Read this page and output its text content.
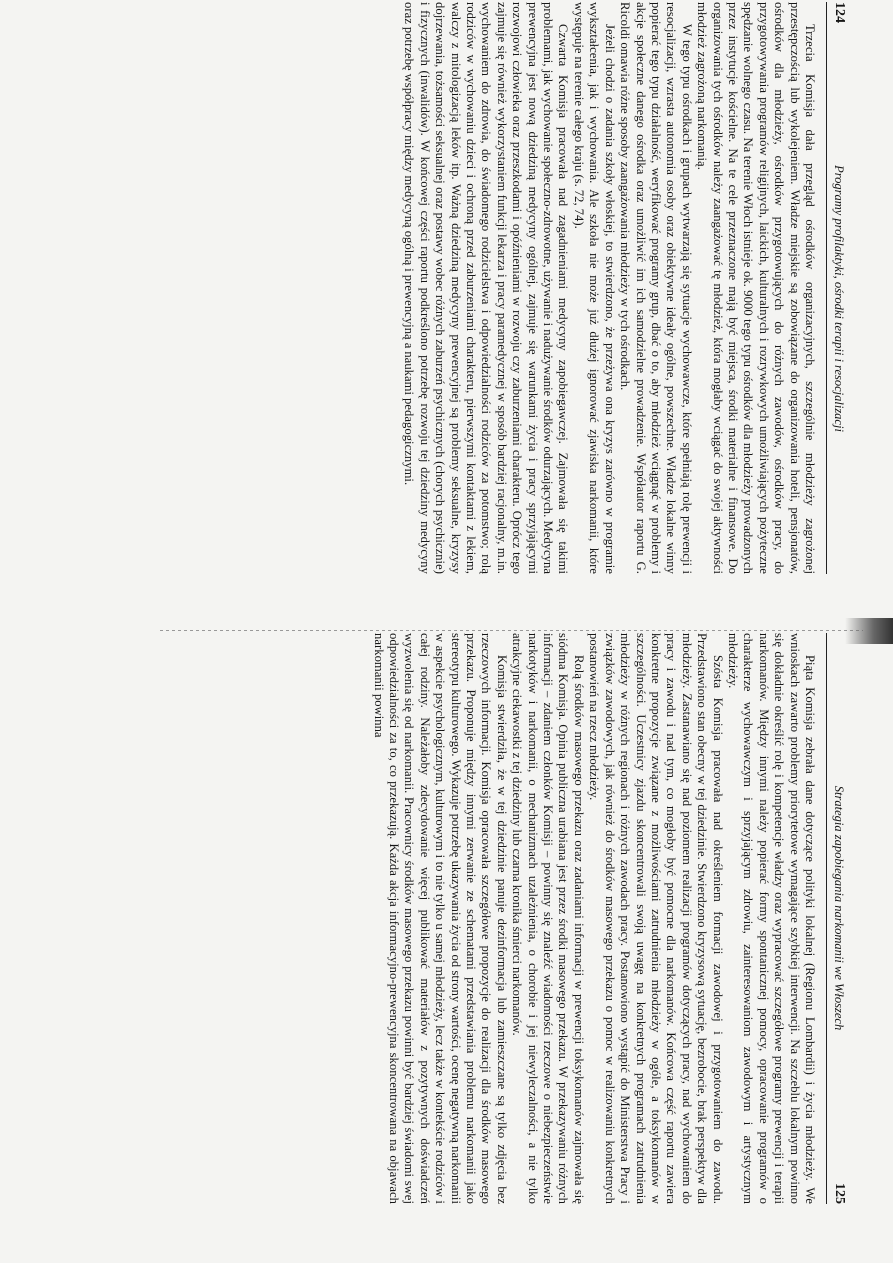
124
Programy profilaktyki, ośrodki terapii i resocjalizacji

Trzecia Komisja dała przegląd ośrodków organizacyjnych, szczególnie młodzieży zagrożonej przestępczością lub wykolejeniem. Władze miejskie są zobowiązane do organizowania hoteli, pensjonatów, ośrodków dla młodzieży, ośrodków przygotowujących do różnych zawodów, ośrodków pracy, do przygotowywania programów religijnych, laickich, kulturalnych i rozrywkowych umożliwiających pożyteczne spędzanie wolnego czasu. Na terenie Włoch istnieje ok. 9000 tego typu ośrodków dla młodzieży prowadzonych przez instytucje kościelne. Na te cele przeznaczone mają być miejsca, środki materialne i finansowe. Do organizowania tych ośrodków należy zaangażować tę młodzież, która mogłaby wciągać do swojej aktywności młodzież zagrożoną narkomanią.

W tego typu ośrodkach i grupach wytwarzają się sytuacje wychowawcze, które spełniają rolę prewencji i resocjalizacji, wzrasta autonomia osoby oraz obiektywne ideały ogólne, powszechne. Władze lokalne winny popierać tego typu działalność, weryfikować programy grup, dbać o to, aby młodzież wciągnąć w problemy i akcje społeczne danego ośrodka oraz umożliwić im ich samodzielne prowadzenie. Współautor raportu G. Ricoldi omawia różne sposoby zaangażowania młodzieży w tych ośrodkach.

Jeżeli chodzi o zadania szkoły włoskiej, to stwierdzono, że przeżywa ona kryzys zarówno w programie wykształcenia, jak i wychowania. Ale szkoła nie może już dłużej ignorować zjawiska narkomanii, które występuje na terenie całego kraju (s. 72, 74).

Czwarta Komisja pracowała nad zagadnieniami medycyny zapobiegawczej. Zajmowała się takimi problemami, jak wychowanie społeczno-zdrowotne, używanie i nadużywanie środków odurzających. Medycyna prewencyjna jest nową dziedziną medycyny ogólnej, zajmuje się warunkami życia i pracy sprzyjającymi rozwojowi człowieka oraz przeszkodami i opóźnieniami w rozwoju czy zaburzeniami charakteru. Oprócz tego zajmuje się również wykorzystaniem funkcji lekarza i pracy paramedycznej w sposób bardziej racjonalny, m.in. wychowaniem do zdrowia, do świadomego rodzicielstwa i odpowiedzialności rodziców za potomstwo; rolą rodziców w wychowaniu dzieci i ochroną przed zaburzeniami charakteru, pierwszymi kontaktami z lekiem, walczy z mitologizacją leków itp. Ważną dziedziną medycyny prewencyjnej są problemy seksualne, kryzysy dojrzewania, tożsamości seksualnej oraz postawy wobec różnych zaburzeń psychicznych (chorych psychicznie) i fizycznych (inwalidów). W końcowej części raportu podkreślono potrzebę rozwoju tej dziedziny medycyny oraz potrzebę współpracy między medycyną ogólną i prewencyjną a naukami pedagogicznymi.

Strategia zapobiegania narkomanii we Włoszech
125

Piąta Komisja zebrała dane dotyczące polityki lokalnej (Regionu Lombardii) i życia młodzieży. We wnioskach zawarto problemy priorytetowe wymagające szybkiej interwencji. Na szczeblu lokalnym powinno się dokładnie określić rolę i kompetencje władzy oraz wypracować szczegółowe programy prewencji i terapii narkomanów. Między innymi należy popierać formy spontanicznej pomocy, opracowanie programów o charakterze wychowawczym i sprzyjającym zdrowiu, zainteresowaniom zawodowym i artystycznym młodzieży.

Szósta Komisja pracowała nad określeniem formacji zawodowej i przygotowaniem do zawodu. Przedstawiono stan obecny w tej dziedzinie. Stwierdzono kryzysową sytuację, bezrobocie, brak perspektyw dla młodzieży. Zastanawiano się nad poziomem realizacji programów dotyczących pracy, nad wychowaniem do pracy i zawodu i nad tym, co mogłoby być pomocne dla narkomanów. Końcowa część raportu zawiera konkretne propozycje związane z możliwościami zatrudnienia młodzieży w ogóle, a toksykomanów w szczególności. Uczestnicy zjazdu skoncentrowali swoją uwagę na konkretnych programach zatrudnienia młodzieży w różnych regionach i różnych zawodach pracy. Postanowiono wystąpić do Ministerstwa Pracy i związków zawodowych, jak również do środków masowego przekazu o pomoc w realizowaniu konkretnych postanowień na rzecz młodzieży.

Rolą środków masowego przekazu oraz zadaniami informacji w prewencji toksykomanów zajmowała się siódma Komisja. Opinia publiczna urabiana jest przez środki masowego przekazu. W przekazywaniu różnych informacji – zdaniem członków Komisji – powinny się znaleźć wiadomości rzeczowe o niebezpieczeństwie narkotyków i narkomanii, o mechanizmach uzależnienia, o chorobie i jej niewyleczalności, a nie tylko atrakcyjne ciekawostki z tej dziedziny lub czarna kronika śmierci narkomanów.

Komisja stwierdziła, że w tej dziedzinie panuje dezinformacja lub zamieszczane są tylko zdjęcia bez rzeczowych informacji. Komisja opracowała szczegółowe propozycje do realizacji dla środków masowego przekazu. Proponuje między innymi zerwanie ze schematami przedstawiania problemu narkomanii jako stereotypu kulturowego. Wykazuje potrzebę ukazywania życia od strony wartości, ocenę negatywną narkomanii w aspekcie psychologicznym, kulturowym i to nie tylko u samej młodzieży, lecz także w kontekście rodziców i całej rodziny. Należałoby zdecydowanie więcej publikować materiałów z pozytywnych doświadczeń wyzwolenia się od narkomanii. Pracownicy środków masowego przekazu powinni być bardziej świadomi swej odpowiedzialności za to, co przekazują. Każda akcja informacyjno-prewencyjna skoncentrowana na objawach narkomanii powinna
